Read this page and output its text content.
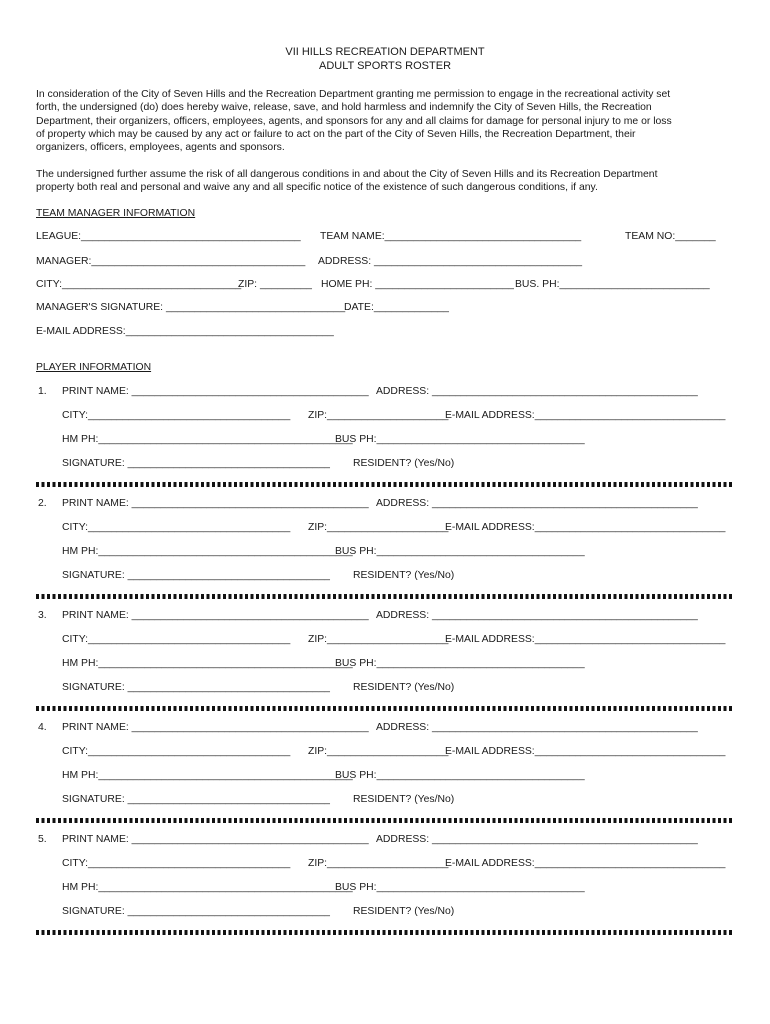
VII HILLS RECREATION DEPARTMENT
ADULT SPORTS ROSTER
In consideration of the City of Seven Hills and the Recreation Department granting me permission to engage in the recreational activity set
forth, the undersigned (do) does hereby waive, release, save, and hold harmless and indemnify the City of Seven Hills, the Recreation
Department, their organizers, officers, employees, agents, and sponsors for any and all claims for damage for personal injury to me or loss
of property which may be caused by any act or failure to act on the part of the City of Seven Hills, the Recreation Department, their
organizers, officers, employees, agents and sponsors.
The undersigned further assume the risk of all dangerous conditions in and about the City of Seven Hills and its Recreation Department
property both real and personal and waive any and all specific notice of the existence of such dangerous conditions, if any.
TEAM MANAGER INFORMATION
LEAGUE:______________________________________ TEAM NAME:__________________________________	TEAM NO:_______
MANAGER:_____________________________________ ADDRESS: ____________________________________
CITY:_______________________________
ZIP: _________ HOME PH: ________________________ BUS. PH:__________________________
MANAGER'S SIGNATURE: _______________________________
DATE:_____________
E-MAIL ADDRESS:____________________________________
PLAYER INFORMATION
1. PRINT NAME: _________________________________________ ADDRESS: ______________________________________________
CITY:___________________________________ ZIP:_____________________
E-MAIL ADDRESS:_________________________________
HM PH:____________________________________________
BUS PH:____________________________________
SIGNATURE: ___________________________________ RESIDENT? (Yes/No)
2. PRINT NAME: _________________________________________ ADDRESS: ______________________________________________
CITY:___________________________________ ZIP:_____________________
E-MAIL ADDRESS:_________________________________
HM PH:____________________________________________
BUS PH:____________________________________
SIGNATURE: ___________________________________ RESIDENT? (Yes/No)
3. PRINT NAME: _________________________________________ ADDRESS: ______________________________________________
CITY:___________________________________ ZIP:_____________________
E-MAIL ADDRESS:_________________________________
HM PH:____________________________________________
BUS PH:____________________________________
SIGNATURE: ___________________________________ RESIDENT? (Yes/No)
4. PRINT NAME: _________________________________________ ADDRESS: ______________________________________________
CITY:___________________________________ ZIP:_____________________
E-MAIL ADDRESS:_________________________________
HM PH:____________________________________________
BUS PH:____________________________________
SIGNATURE: ___________________________________ RESIDENT? (Yes/No)
5. PRINT NAME: _________________________________________ ADDRESS: ______________________________________________
CITY:___________________________________ ZIP:_____________________
E-MAIL ADDRESS:_________________________________
HM PH:____________________________________________
BUS PH:____________________________________
SIGNATURE: ___________________________________ RESIDENT? (Yes/No)
